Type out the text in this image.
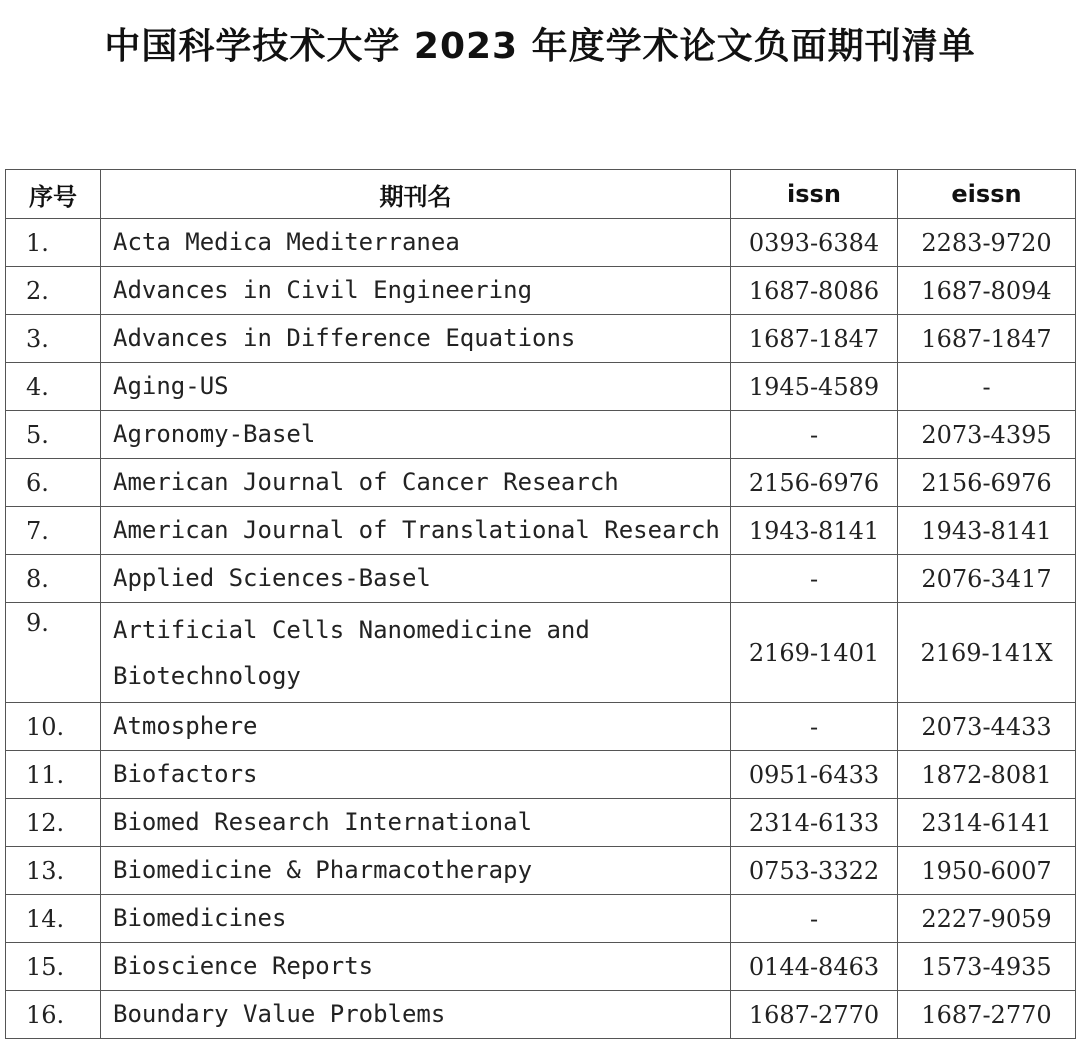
中国科学技术大学 2023 年度学术论文负面期刊清单
序号	期刊名	issn	eissn
1.	Acta Medica Mediterranea	0393-6384	2283-9720
2.	Advances in Civil Engineering	1687-8086	1687-8094
3.	Advances in Difference Equations	1687-1847	1687-1847
4.	Aging-US	1945-4589	-
5.	Agronomy-Basel	-	2073-4395
6.	American Journal of Cancer Research	2156-6976	2156-6976
7.	American Journal of Translational Research	1943-8141	1943-8141
8.	Applied Sciences-Basel	-	2076-3417
9.	Artificial Cells Nanomedicine and Biotechnology	2169-1401	2169-141X
10.	Atmosphere	-	2073-4433
11.	Biofactors	0951-6433	1872-8081
12.	Biomed Research International	2314-6133	2314-6141
13.	Biomedicine & Pharmacotherapy	0753-3322	1950-6007
14.	Biomedicines	-	2227-9059
15.	Bioscience Reports	0144-8463	1573-4935
16.	Boundary Value Problems	1687-2770	1687-2770
